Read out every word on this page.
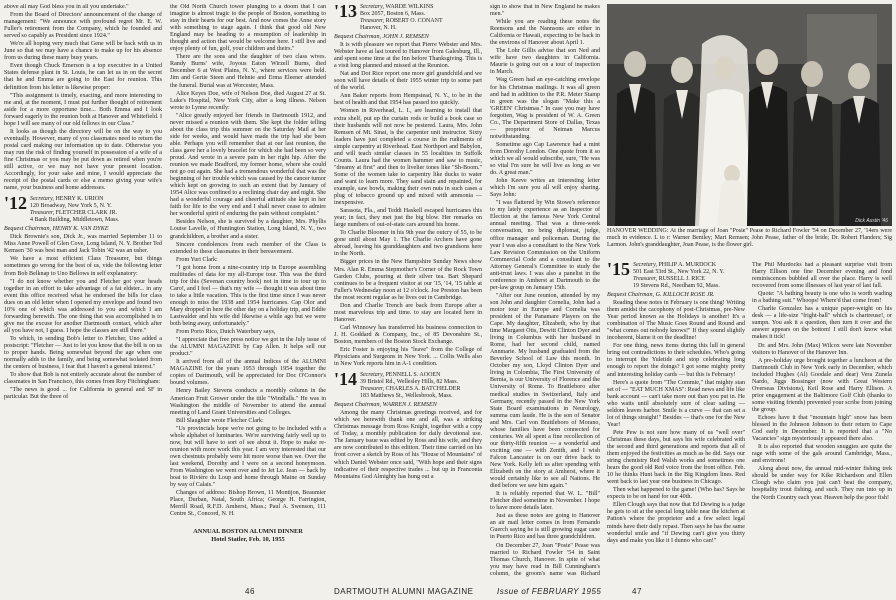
above all may God bless you in all you undertake."

From the Board of Directors' announcement of the change of management: "We announce with profound regret Mr. E. W. Fuller's retirement from the Company, which he founded and served so capably as President since 1924."

We're all hoping very much that Gene will be back with us in June so that we may have a chance to make up for his absence from us during these many busy years.

Even though Chuck Emerson is a top executive in a United States defense plant in St. Louis, he can let us in on the secret that he and Emma are going to the East for reunion. This definition from his letter is likewise proper:

"This assignment is timely, exacting, and more interesting to me and, at the moment, I must put further thought of retirement aside for a more opportune time... Both Emma and I look forward eagerly to the reunion both at Hanover and Whitefield. I hope I will see many of our old fellows in our Class."

It looks as though the directory will be on the way to you eventually. However, many of you classmates need to return the postal card making our information up to date. Otherwise you may run the risk of finding yourself in possession of a wife of a fine Christmas or you may be put down as retired when you're still active, or we may not have your present location. Accordingly, for your sake and mine, I would appreciate the receipt of the postal cards or else a memo giving your wife's name, your business and home addresses.

'12 Secretary, HENRY K. URION
120 Broadway, New York 5, N. Y.
Treasurer, FLETCHER CLARK JR.
4 Bank Building, Middletown, Mass.

Bequest Chairman, HENRY K. VAN DYKE

Dick Brownie's son, Dick Jr., was married September 11 to Miss Anne Powell of Glen Cove, Long Island, N. Y. Brother Ted Kemsen '30 was best man and Jack Tobin '42 was an usher.

We have a most efficient Class Treasurer, but things sometimes go wrong for the best of us, vide the following letter from Bob Belknap to Uno Bellows in self explanatory:

"I do not know whether you and Fletcher got your heads together in an effort to take advantage of a fat eldster... in any event this office received what he endorsed the bills for class dues on an old letter when I opened my envelope and found two 10% one of which was addressed to you and which I am forwarding herewith. The one thing that was accomplished is to give me the excuse for another Dartmouth contact, which after all you have not, I guess. I hope the classes are still there."

To which, in sending Bob's letter to Fletcher, Uno added a postscript: "Fletcher — Just to let you know that the bill is on us to proper hands. Being somewhat beyond the age when one normally adds to the family, and being somewhat isolated from the centers of business, I fear that I haven't a general interest."

To show that Bob is not entirely accurate about the number of classmates in San Francisco, this comes from Roy Fitchingham:

"The news is good ... for California in general and SF in particular. But the three of

the Old North Church tower plunging to a doom that I can imagine is almost tragic to the people of Boston, something to stay in their hearts for our best. And now comes the Anne story with something to stage again. I think that good old New England may be heading to a resumption of leadership in thought and action that would be welcome here. I still live and enjoy plenty of fun, golf, your children and theirs."

There are the sons and the daughter of two class wives. Randy Burns' wife, Joyous Eaton Wirzell Burns, died December 6 at West Plains, N. Y., where services were held. Jim and Gertie Steen and Hehnie and Erma Eleener attended the funeral. Burial was at Worcester, Mass.

Alice Keyes Doe, wife of Nelson Doe, died August 27 at St. Luke's Hospital, New York City, after a long illness. Nelson wrote to Lynne recently:

"Alice greatly enjoyed her friends in Dartmouth 1912, and never missed a reunion with them. She kept the folder telling about the class trip this summer on the Saturday Mail at her side for weeks, and would have made the trip had she been able. Perhaps you will remember that at our last reunion, the class gave her a lovely bracelet for which she had been so very proud. And wrote in a severe pain in her right hip. After the reunion we made Bradford, my former home, where she could not go out again. She had a tremendous wonderful that was the beginning of her trouble which was caused by the cancer tumor which kept on growing to such an extent that by January of 1954 Alice was confined to a reclining chair day and night. She had a wonderful courage and cheerful attitude she kept in her faith for life to the very end and I shall never cease to admire her wonderful spirit of enduring the pain without complaint."

Besides Nelson, she is survived by a daughter, Mrs. Phyllis Louise Lavelle, of Huntington Station, Long Island, N. Y., two grandchildren, a brother and a sister.

Sincere condolences from each member of the Class is extended to these classmates in their bereavement.

From Yuri Clark:

"I got home from a nine-country trip in Europe assembling multitudes of data for my all-Europe tour. This was the third trip for this (Sevenan country book) not in time to tour up to Caro!, and I feel — that's my wife — thought it was about time to take a little vacation. This is the first time since I was never enough to miss the 1938 and 1954 hurricanes. Cap Olor and Mary dropped in here the other day on a holiday trip, and Eddie Lastwalder and his wife did likewise a while ago but we were both being away, unfortunately."

From Porto Rico, Dutch Waterbury says,

"I appreciate that free press notice we got in the July issue of the ALUMNI MAGAZINE by Cap Allen. It helps sell our product."

It arrived from all of the annual Indices of the ALUMNI MAGAZINE for the years 1953 through 1954 together the copies of Dartmouth, will be appreciated for Doc O'Connor's bound volumes.

Henry Bailey Stevens conducts a monthly column in the American Fruit Grower under the title "Windfalls." He was in Washington the middle of November to attend the annual meeting of Land Grant Universities and Colleges.

Bill Slaughter wrote Fletcher Clark:

"Us provincials hope we're not going to be included with a whole alphabet of luminaries. We're surviving fairly well up to now, but will have to sort of see about it. Hope to make re-reunion with more work this year. I am very interested that our own chestnuts probably were hit more worse than we. Over the last weekend, Dorothy and I were on a second honeymoon. From Washington we went over and to Jet Le. Jean — back by boat to Rivière du Loup and home through Maine on Sunday by way of Calais."

Changes of address: Bishop Brown, 11 Montijon, Beaumier Place, Durban, Natal, South Africa; George H. Farrington, Merrill Road, R.F.D. Amherst, Mass.; Paul A. Swenson, 111 Centre St., Concord, N. H.

ANNUAL BOSTON ALUMNI DINNER
Hotel Statler, Feb. 10, 1955
'13 Secretary, WARDE WILKINS
Box 2057, Boston 6, Mass.
Treasurer, ROBERT O. CONANT
Hanover, N. H.

Bequest Chairman, JOHN J. REMSEN

It is with pleasure we report that Pierre Webster and Mrs. Webster have at last toured to Hanover from Galesburg, Ill., and spent some time at the Inn before Thanksgiving. This is a visit long planned and missed at the Reunion.

Nat and Dot Rice report one more girl grandchild and we soon will have details of their 1955 winter trip to some part of the world.

Ann Baker reports from Hempstead, N. Y., to be in the best of health and that 1954 has passed too quickly.

Women in Riverhead, L. I., are learning to install that extra shelf, put up the curtain rods or build a book case so their husbands will not now be pestered. Laura, Mrs. John Remsen of Mt. Sinai, is the carpenter unit instructor. Sixty leaders have just completed a course in the rudiments of simple carpentry at Riverhead. East Northport and Babylon, and will teach similar classes in 55 localities in Suffolk Counts. Laura had the women hammer and saw to music, "dreamy at first" and then to livelier tones like "Sh-Boom." Some of the women take to carpentry like ducks to water and want to learn more. They sand stain and repainted, for example, saw bowls, making their own nuts in such cases a plug of tobacco ground up and mixed with ammonia — inexpensive.

Sarasota, Fla., and Teddi Haskell escaped hurricanes this year; in fact, they met just the big blow. Her remarks on large numbers of out-of-state cars around his home.

To Charlie Bloomer in his 9th year the outcry of 55, to be gone until about May 1. The Charlie Archers have gone abroad, leaving his granddaughters and two grandsons here in the North.

Bigger prices in the New Hampshire Sunday News show Mrs. Alan R. Emma Stepmother's Corner of the Rock Town Garden Clubs, pouring at their silver tea. Bart Shepard continues to be a frequent visitor at our '15, '14, '15 table at Fuller's Wednesday noon at 12 o'clock. Joe Preston has been the most recent regular as he lives out in Cambridge.

Don and Charlie Trench are back from Europe after a most marvelous trip and time. to stay are located here in Hanover.

Carl Winnowy has transferred his business connection to J. H. Goddard & Company, Inc., of 85 Devonshire St., Boston, members of the Boston Stock Exchange.

Eric Foster is enjoying his "leave" from the College of Physicians and Surgeons in New York. ... Collis Wells also in New York reports him in A-1 condition.

'14 Secretary, PENNELL S. AOOEN
39 Bristol Rd., Wellesley Hills, 82 Mass.
Treasurer, CHARLES A. BATCHELDER
183 Matthews St., Wellesbrook, Mass.

Bequest Chairman, WARREN J. REMSEN

Among the many Christmas greetings received, and for which we herewith thank one and all, was a striking Christmas message from Ross Knight, together with a copy of Today, a monthly publication for daily devotional use. The January issue was edited by Ross and his wife, and they are now contributed to this edition. Their time carried on his front cover a sketch by Ross of his "House of Mountains" of which Daniel Webster once said, "With hope and their signs indicative of their respective trades ... but up in Franconia Mountains God Almighty has hung out a

sign to show that in New England he makes men."

While you are reading these notes the Reensons and the Nannsons are either in California or Hawaii, expecting to be back in the environs of Hanover about April 1.

The Lohr Gillis advise that son Ned and wife have two daughters in California. Maurie is going out on a tour of inspection in March.

Wag Green had an eye-catching envelope for his Christmas mailings. It was all green and had in addition to the P.R. Meter Stamp in green was the slogan "Make this a 'GREEN' Christmas." In case you may have forgotten, Wag is president of W. A. Green Co., The Department Store of Dallas, Texas — proprietor of Neiman Marcus notwithstanding.

Sometime ago Cap Lawrence had a mint from Dorothy London. One quote from it so which we all would subscribe, sure, "He was so vital I'm sure he will live as long as we do. A great man."

John Keeve writes an interesting letter which I'm sure you all will enjoy sharing. Says John:

"I was flattered by Win Stowe's reference to my lately experience as an Inspector of Election at the famous New York Central annual meeting. That was a three-week conversation, no being diplomat, judge, office manager and policeman. During the year I was also a consultant to the New York Law Revision Commission on the Uniform Commercial Code and a consultant to the Attorney General's Committee to study the anti-trust laws. I was also a panelist in the conference in Amherst at Dartmouth to the per-law group on January 15th.

"After our June reunion, attended by my son John and daughter Cornelia, John had a motor tour in Europe and Cornelia was president of the Panamare Players on the Cape. My daughter, Elizabeth, who by that time Margaret Otis, Dewitt Clinton Dyer and living in Columbus with her husband in Rome, had her second child, named Annmarie. My husband graduated from the Beverley School of Law this month. In October my son, Lloyd Clinton Dyer and living in Colombia, The First University of Bernia, is our University of Florence and the University of Rome. To Brattleboro after medical studies in Switzerland, Italy and Germany, recently passed in the New York State Board examinations in Neurology, summa cum laude. He is the son of Senator and Mrs. Carl von Brattleboro of Morano, whose families have been connected for centuries. We all spent a fine recollection of our thirty-fifth reunion — a wonderful and exciting one — with Zenith, and I wish Falcon Lancaster is on our drive back to New York. Kelly left us after spending with Elizabeth on the story at Amherst, where it would certainly like to see all Nations. He died before we saw him again."

It is reliably reported that W. L. "Bill" Fletcher died sometime in November. I hope to have more details later.

Just as these notes are going to Hanover an air mail letter comes in from Fernando Guerch saying he is still growing sugar cane in Puerto Rico and has three grandchildren.

On December 27, Joan "Posie" Pease was married to Richard Fowler '54 in Saint Thomas Church, Hanover. In spite of what you may have read in Bill Cunningham's column, the groom's name was Richard

Dick Austin '46
HANOVER WEDDING: At the marriage of Joan "Posie" Pease to Richard Fowler '54 on December 27, '14ers were much in evidence. L to r: Warner Bentley; Mart Remsen; John Pease, father of the bride; Dr. Robert Flanders; Sig Larmon. John's granddaughter, Joan Pease, is the flower girl.
'15 Secretary, PHILIP A. MURDOCK
501 East 53rd St., New York 22, N. Y.
Treasurer, RUSSELL J. RICE
19 Stevens Rd., Needham 92, Mass.

Bequest Chairman, G. KILLOCH ROSE JR.

Reading these notes in February is one thing! Writing them amidst the cacophony of post-Christmas, pre-New Year period known as the Holidays is another! It's a combination of The Music Goes Round and Round and "what comes out nobody knows!" If they sound slightly incoherent, blame it on the deadline!

For one thing, news items during this lull in general bring out contradictions to their schedules. Who's going to interrupt the Yuletide and stop celebrating long enough to report the doings? I got some mighty pretty and interesting holiday cards — but this is February!

Here's a quote from "The Commie," that mighty stan set of — "EAT MUCH XMAS": Read news and life like bank account — can't take more out than you put in. He who waits until absolutely sure of clear sailing — seldom leaves harbor. Smile is a curve — that can set a lot of things straight!" Besides — that's one for the New Year!

Pete Pew is not sure how many of us "well over" Christmas these days, but says his wife celebrated with the second and third generations and reports that all of them enjoyed the festivities as much as he did. Says our string chemistry Red Walsh works and sometimes one hears the good old Red voice from the front office. Feb. 10 he thinks Hunt back in the Big Kingdom lines. Red went back to last year one business in Chicago.

Then what happened to the game! (Who has? Says he expects to be on hand for our 40th.

Ellen Clough says that now that Ed Dewing is a judge he gets to sit at the special long table near the kitchen at Patton's where the proprietor and a few select legal minds have their daily repast. Then says he has the same wonderful smile and "if Dewing can't give you thirty days and make you like it I dunno who can!"

The Phil Murdocks had a pleasant surprise visit from Harry Ellison one fine December evening and fond reminiscences bubbled all over the place. Harry is well recovered from some illnesses of last year of last fall.

Quote: "A bathing beauty is one who is worth wading in a bathing suit." Whoops! Where'd that come from!

Charlie Gonzalez has a unique paper-weight on his desk — a life-size "fright-ball" which is chartreuse!, or sumpn. You ask it a question, then turn it over and the answer appears on the bottom! I still don't know what makes it tick!

Dr. and Mrs. John (Max) Wilcox were late November visitors to Hanover of the Hanover Inn.

A pre-holiday urge brought together a luncheon at the Dartmouth Club in New York early in December, which included Hughes (Al) Goodale and dear) Vera Zunela Nardo, Jiggs Bossinger (now with Great Western Overseas Divisions), Keil Rose and Harry Ellison. A prior engagement at the Baltimore Golf Club (thanks to some visiting friends) prevented your scribe from joining the group.

Echoes have it that "mountain high" snow has been blessed in the Johnson Johnson to their return to Cape Cod early in December. It is reported that a "No Vacancies" sign mysteriously appeared there also.

It is also reported that wooden snuggies are quite the rage with some of the gals around Cambridge, Mass., and environs!

Along about now, the annual mid-winter fishing trek should be under way for Kike Richardson and Ellen Clough who claim you just can't beat the company, hospitality trout fishing, and such. They run into up in the North Country each year. Heaven help the poor fish!

46	DARTMOUTH ALUMNI MAGAZINE	Issue of FEBRUARY 1955	47
